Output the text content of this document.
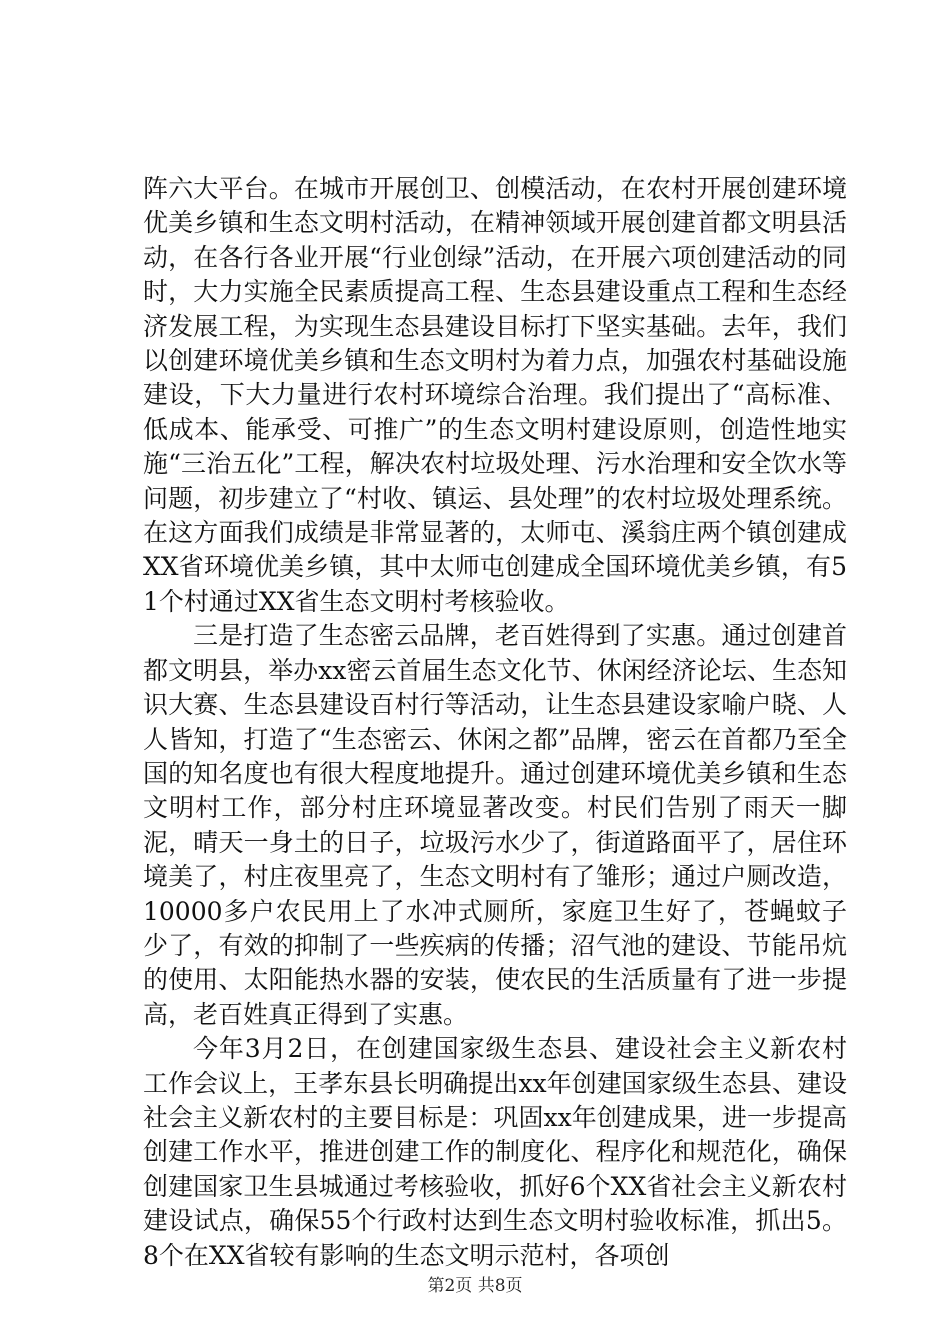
阵六大平台。在城市开展创卫、创模活动，在农村开展创建环境优美乡镇和生态文明村活动，在精神领域开展创建首都文明县活动，在各行各业开展“行业创绿”活动，在开展六项创建活动的同时，大力实施全民素质提高工程、生态县建设重点工程和生态经济发展工程，为实现生态县建设目标打下坚实基础。去年，我们以创建环境优美乡镇和生态文明村为着力点，加强农村基础设施建设，下大力量进行农村环境综合治理。我们提出了“高标准、低成本、能承受、可推广”的生态文明村建设原则，创造性地实施“三治五化”工程，解决农村垃圾处理、污水治理和安全饮水等问题，初步建立了“村收、镇运、县处理”的农村垃圾处理系统。在这方面我们成绩是非常显著的，太师屯、溪翁庄两个镇创建成XX省环境优美乡镇，其中太师屯创建成全国环境优美乡镇，有51个村通过XX省生态文明村考核验收。

三是打造了生态密云品牌，老百姓得到了实惠。通过创建首都文明县，举办xx密云首届生态文化节、休闲经济论坛、生态知识大赛、生态县建设百村行等活动，让生态县建设家喻户晓、人人皆知，打造了“生态密云、休闲之都”品牌，密云在首都乃至全国的知名度也有很大程度地提升。通过创建环境优美乡镇和生态文明村工作，部分村庄环境显著改变。村民们告别了雨天一脚泥，晴天一身土的日子，垃圾污水少了，街道路面平了，居住环境美了，村庄夜里亮了，生态文明村有了雏形；通过户厕改造，10000多户农民用上了水冲式厕所，家庭卫生好了，苍蝇蚊子少了，有效的抑制了一些疾病的传播；沼气池的建设、节能吊炕的使用、太阳能热水器的安装，使农民的生活质量有了进一步提高，老百姓真正得到了实惠。

今年3月2日，在创建国家级生态县、建设社会主义新农村工作会议上，王孝东县长明确提出xx年创建国家级生态县、建设社会主义新农村的主要目标是：巩固xx年创建成果，进一步提高创建工作水平，推进创建工作的制度化、程序化和规范化，确保创建国家卫生县城通过考核验收，抓好6个XX省社会主义新农村建设试点，确保55个行政村达到生态文明村验收标准，抓出5。8个在XX省较有影响的生态文明示范村，各项创

第2页 共8页
